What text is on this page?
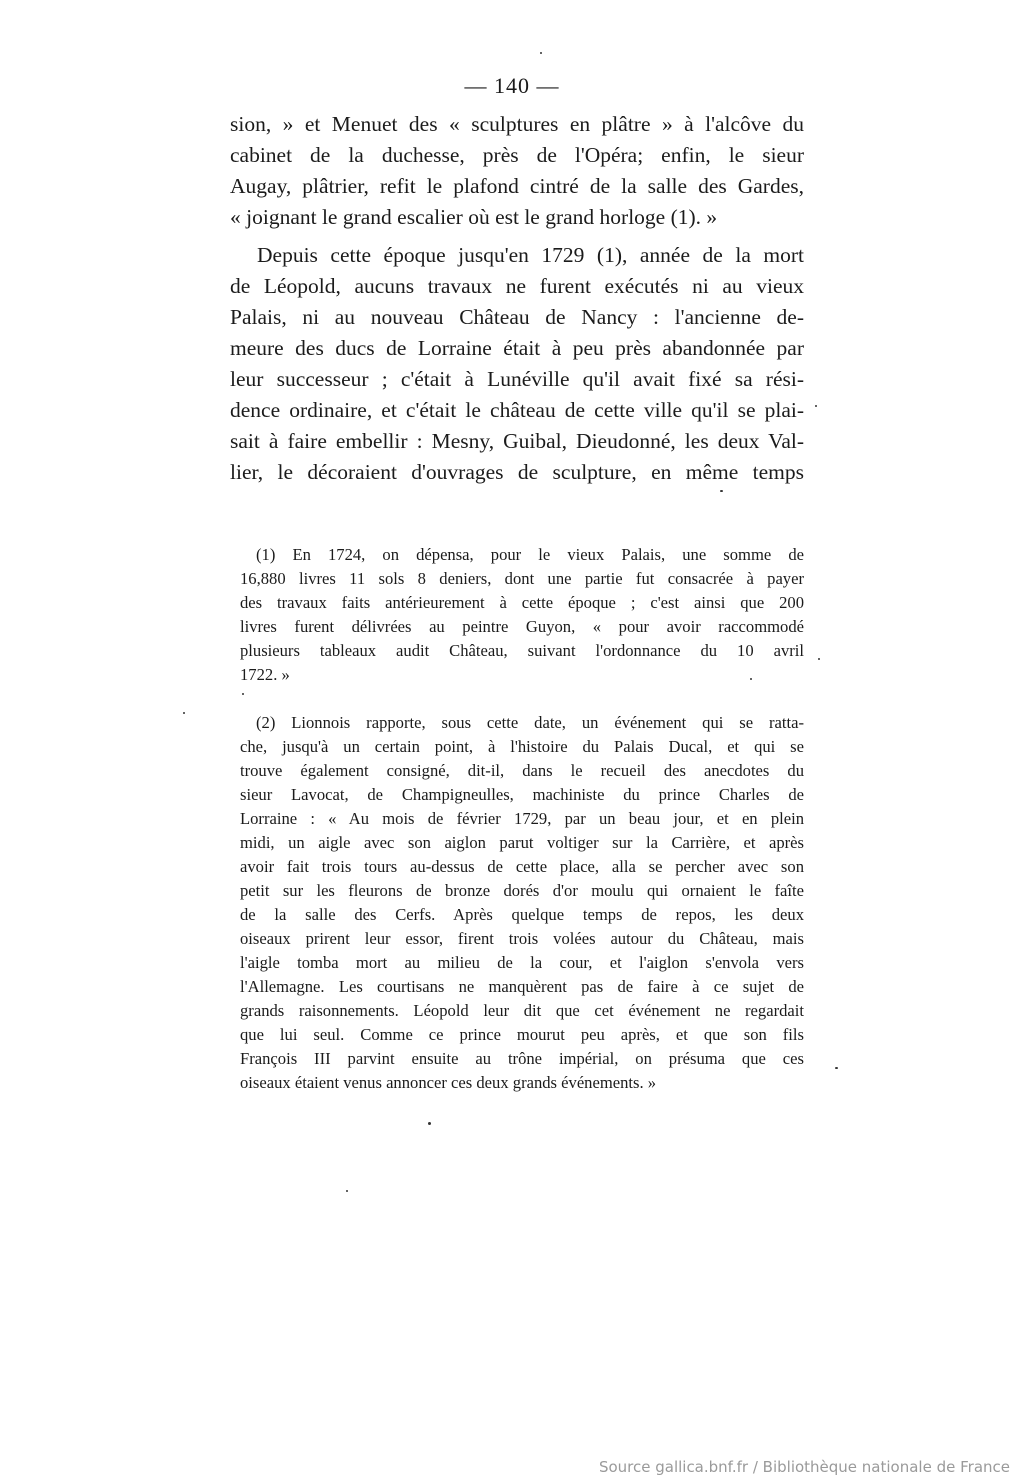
— 140 —
sion, » et Menuet des « sculptures en plâtre » à l'alcôve du
cabinet de la duchesse, près de l'Opéra; enfin, le sieur
Augay, plâtrier, refit le plafond cintré de la salle des Gardes,
« joignant le grand escalier où est le grand horloge (1). »
Depuis cette époque jusqu'en 1729 (1), année de la mort
de Léopold, aucuns travaux ne furent exécutés ni au vieux
Palais, ni au nouveau Château de Nancy : l'ancienne de-
meure des ducs de Lorraine était à peu près abandonnée par
leur successeur ; c'était à Lunéville qu'il avait fixé sa rési-
dence ordinaire, et c'était le château de cette ville qu'il se plai-
sait à faire embellir : Mesny, Guibal, Dieudonné, les deux Val-
lier, le décoraient d'ouvrages de sculpture, en même temps
(1) En 1724, on dépensa, pour le vieux Palais, une somme de
16,880 livres 11 sols 8 deniers, dont une partie fut consacrée à payer
des travaux faits antérieurement à cette époque ; c'est ainsi que 200
livres furent délivrées au peintre Guyon, « pour avoir raccommodé
plusieurs tableaux audit Château, suivant l'ordonnance du 10 avril
1722. »
(2) Lionnois rapporte, sous cette date, un événement qui se ratta-
che, jusqu'à un certain point, à l'histoire du Palais Ducal, et qui se
trouve également consigné, dit-il, dans le recueil des anecdotes du
sieur Lavocat, de Champigneulles, machiniste du prince Charles de
Lorraine : « Au mois de février 1729, par un beau jour, et en plein
midi, un aigle avec son aiglon parut voltiger sur la Carrière, et après
avoir fait trois tours au-dessus de cette place, alla se percher avec son
petit sur les fleurons de bronze dorés d'or moulu qui ornaient le faîte
de la salle des Cerfs. Après quelque temps de repos, les deux
oiseaux prirent leur essor, firent trois volées autour du Château, mais
l'aigle tomba mort au milieu de la cour, et l'aiglon s'envola vers
l'Allemagne. Les courtisans ne manquèrent pas de faire à ce sujet de
grands raisonnements. Léopold leur dit que cet événement ne regardait
que lui seul. Comme ce prince mourut peu après, et que son fils
François III parvint ensuite au trône impérial, on présuma que ces
oiseaux étaient venus annoncer ces deux grands événements. »
Source gallica.bnf.fr / Bibliothèque nationale de France
